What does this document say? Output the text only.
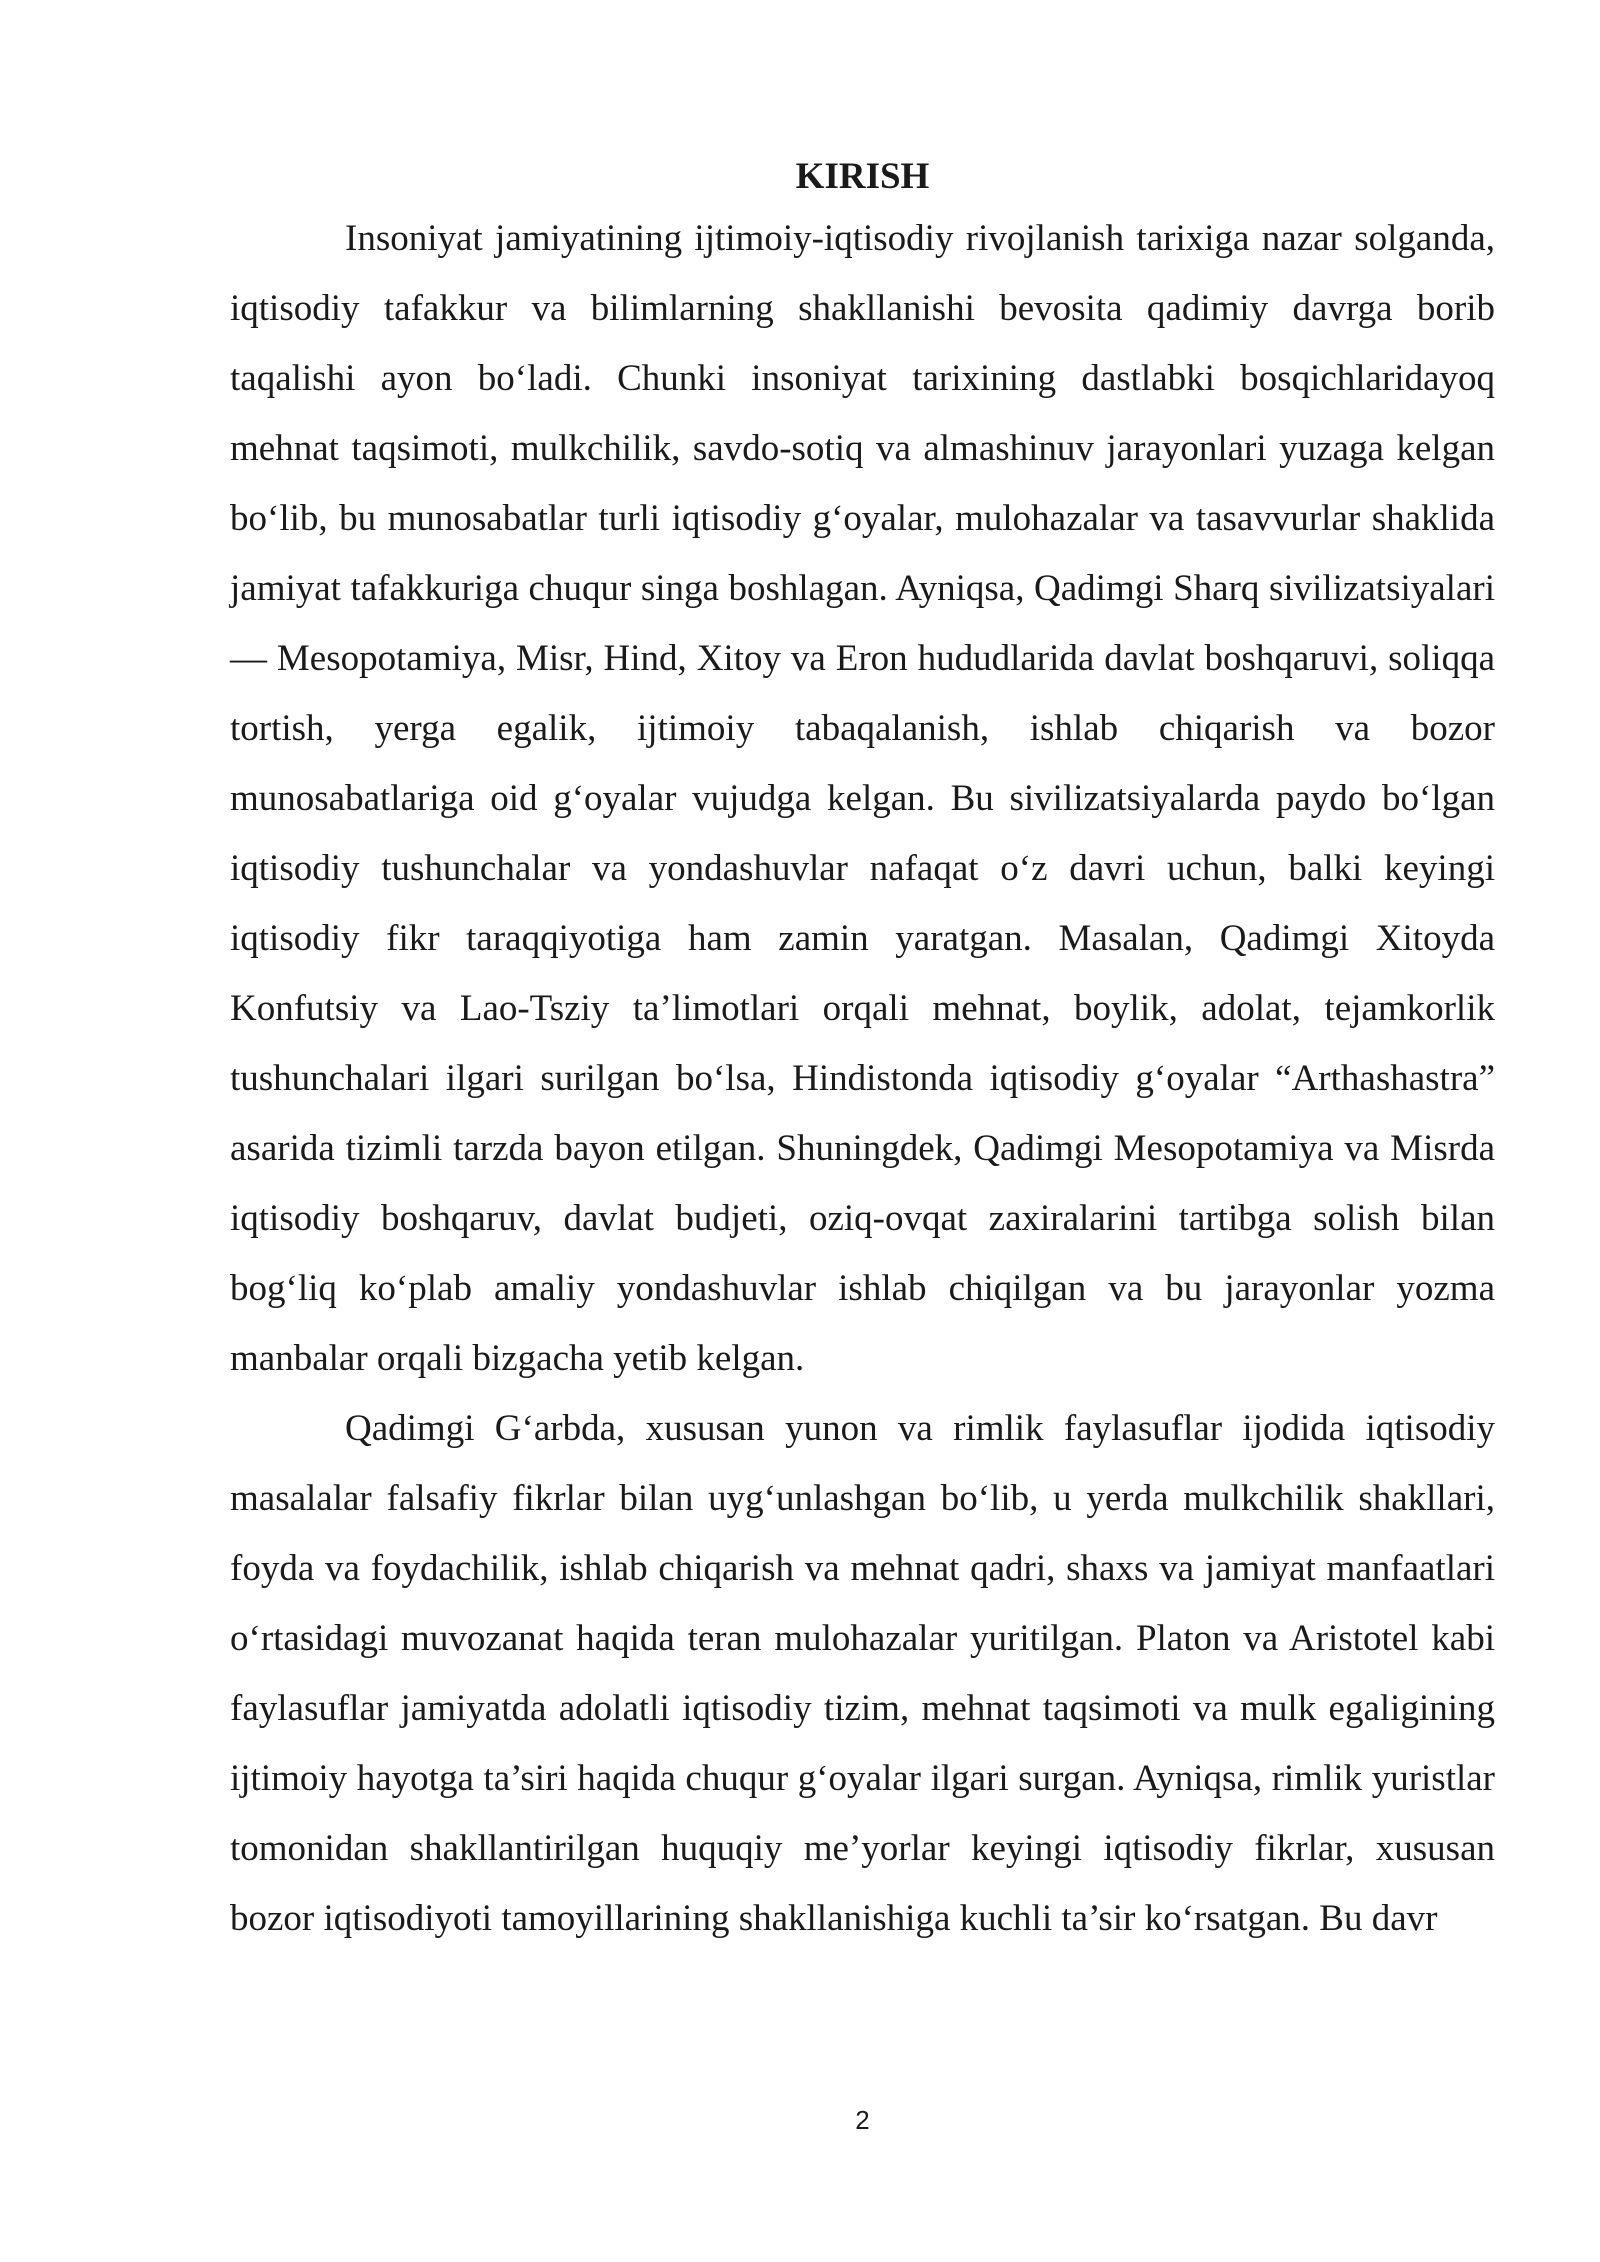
KIRISH

Insoniyat jamiyatining ijtimoiy-iqtisodiy rivojlanish tarixiga nazar solganda, iqtisodiy tafakkur va bilimlarning shakllanishi bevosita qadimiy davrga borib taqalishi ayon bo‘ladi. Chunki insoniyat tarixining dastlabki bosqichlaridayoq mehnat taqsimoti, mulkchilik, savdo-sotiq va almashinuv jarayonlari yuzaga kelgan bo‘lib, bu munosabatlar turli iqtisodiy g‘oyalar, mulohazalar va tasavvurlar shaklida jamiyat tafakkuriga chuqur singa boshlagan. Ayniqsa, Qadimgi Sharq sivilizatsiyalari — Mesopotamiya, Misr, Hind, Xitoy va Eron hududlarida davlat boshqaruvi, soliqqa tortish, yerga egalik, ijtimoiy tabaqalanish, ishlab chiqarish va bozor munosabatlariga oid g‘oyalar vujudga kelgan. Bu sivilizatsiyalarda paydo bo‘lgan iqtisodiy tushunchalar va yondashuvlar nafaqat o‘z davri uchun, balki keyingi iqtisodiy fikr taraqqiyotiga ham zamin yaratgan. Masalan, Qadimgi Xitoyda Konfutsiy va Lao-Tsziy ta’limotlari orqali mehnat, boylik, adolat, tejamkorlik tushunchalari ilgari surilgan bo‘lsa, Hindistonda iqtisodiy g‘oyalar “Arthashastra” asarida tizimli tarzda bayon etilgan. Shuningdek, Qadimgi Mesopotamiya va Misrda iqtisodiy boshqaruv, davlat budjeti, oziq-ovqat zaxiralarini tartibga solish bilan bog‘liq ko‘plab amaliy yondashuvlar ishlab chiqilgan va bu jarayonlar yozma manbalar orqali bizgacha yetib kelgan.

Qadimgi G‘arbda, xususan yunon va rimlik faylasuflar ijodida iqtisodiy masalalar falsafiy fikrlar bilan uyg‘unlashgan bo‘lib, u yerda mulkchilik shakllari, foyda va foydachilik, ishlab chiqarish va mehnat qadri, shaxs va jamiyat manfaatlari o‘rtasidagi muvozanat haqida teran mulohazalar yuritilgan. Platon va Aristotel kabi faylasuflar jamiyatda adolatli iqtisodiy tizim, mehnat taqsimoti va mulk egaligining ijtimoiy hayotga ta’siri haqida chuqur g‘oyalar ilgari surgan. Ayniqsa, rimlik yuristlar tomonidan shakllantirilgan huquqiy me’yorlar keyingi iqtisodiy fikrlar, xususan bozor iqtisodiyoti tamoyillarining shakllanishiga kuchli ta’sir ko‘rsatgan. Bu davr

2
